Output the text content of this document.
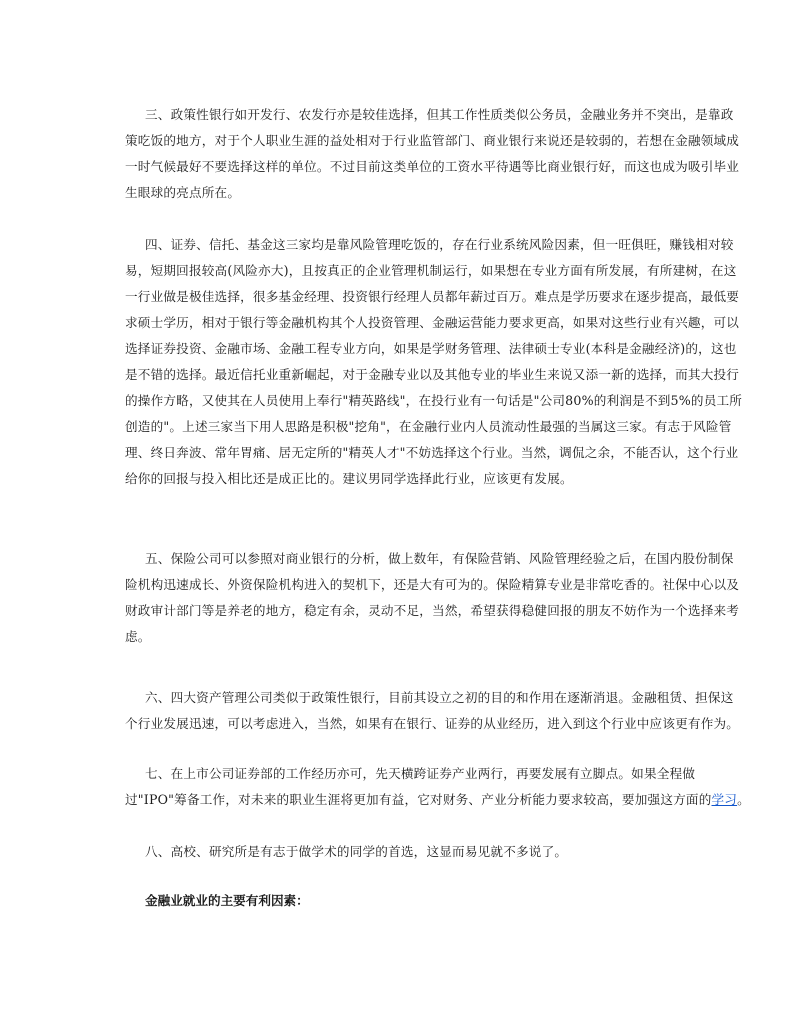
三、政策性银行如开发行、农发行亦是较佳选择，但其工作性质类似公务员，金融业务并不突出，是靠政
策吃饭的地方，对于个人职业生涯的益处相对于行业监管部门、商业银行来说还是较弱的，若想在金融领域成
一时气候最好不要选择这样的单位。不过目前这类单位的工资水平待遇等比商业银行好，而这也成为吸引毕业
生眼球的亮点所在。
四、证券、信托、基金这三家均是靠风险管理吃饭的，存在行业系统风险因素，但一旺俱旺，赚钱相对较
易，短期回报较高(风险亦大)，且按真正的企业管理机制运行，如果想在专业方面有所发展，有所建树，在这
一行业做是极佳选择，很多基金经理、投资银行经理人员都年薪过百万。难点是学历要求在逐步提高，最低要
求硕士学历，相对于银行等金融机构其个人投资管理、金融运营能力要求更高，如果对这些行业有兴趣，可以
选择证券投资、金融市场、金融工程专业方向，如果是学财务管理、法律硕士专业(本科是金融经济)的，这也
是不错的选择。最近信托业重新崛起，对于金融专业以及其他专业的毕业生来说又添一新的选择，而其大投行
的操作方略，又使其在人员使用上奉行"精英路线"，在投行业有一句话是"公司80%的利润是不到5%的员工所
创造的"。上述三家当下用人思路是积极"挖角"，在金融行业内人员流动性最强的当属这三家。有志于风险管
理、终日奔波、常年胃痛、居无定所的"精英人才"不妨选择这个行业。当然，调侃之余，不能否认，这个行业
给你的回报与投入相比还是成正比的。建议男同学选择此行业，应该更有发展。
五、保险公司可以参照对商业银行的分析，做上数年，有保险营销、风险管理经验之后，在国内股份制保
险机构迅速成长、外资保险机构进入的契机下，还是大有可为的。保险精算专业是非常吃香的。社保中心以及
财政审计部门等是养老的地方，稳定有余，灵动不足，当然，希望获得稳健回报的朋友不妨作为一个选择来考
虑。
六、四大资产管理公司类似于政策性银行，目前其设立之初的目的和作用在逐渐消退。金融租赁、担保这
个行业发展迅速，可以考虑进入，当然，如果有在银行、证券的从业经历，进入到这个行业中应该更有作为。
七、在上市公司证券部的工作经历亦可，先天横跨证券产业两行，再要发展有立脚点。如果全程做
过"IPO"筹备工作，对未来的职业生涯将更加有益，它对财务、产业分析能力要求较高，要加强这方面的学习。
八、高校、研究所是有志于做学术的同学的首选，这显而易见就不多说了。

金融业就业的主要有利因素：
